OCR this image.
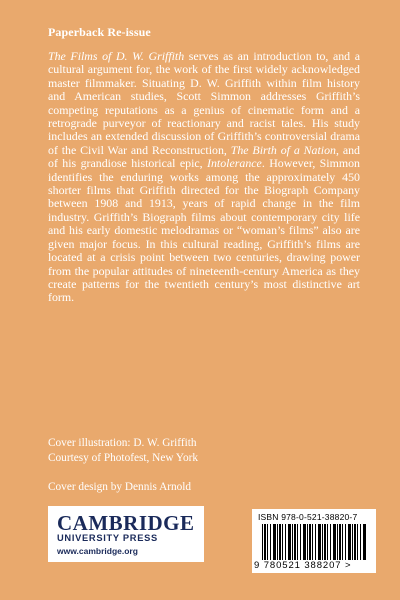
Paperback Re-issue

The Films of D. W. Griffith serves as an introduction to, and a cultural argument for, the work of the first widely acknowledged master filmmaker. Situating D. W. Griffith within film history and American studies, Scott Simmon addresses Griffith’s competing reputations as a genius of cinematic form and a retrograde purveyor of reactionary and racist tales. His study includes an extended discussion of Griffith’s controversial drama of the Civil War and Reconstruction, The Birth of a Nation, and of his grandiose historical epic, Intolerance. However, Simmon identifies the enduring works among the approximately 450 shorter films that Griffith directed for the Biograph Company between 1908 and 1913, years of rapid change in the film industry. Griffith’s Biograph films about contemporary city life and his early domestic melodramas or “woman’s films” also are given major focus. In this cultural reading, Griffith’s films are located at a crisis point between two centuries, drawing power from the popular attitudes of nineteenth-century America as they create patterns for the twentieth century’s most distinctive art form.

Cover illustration: D. W. Griffith
Courtesy of Photofest, New York
Cover design by Dennis Arnold
CAMBRIDGE
UNIVERSITY PRESS
www.cambridge.org
ISBN 978-0-521-38820-7
9 780521 388207 >
